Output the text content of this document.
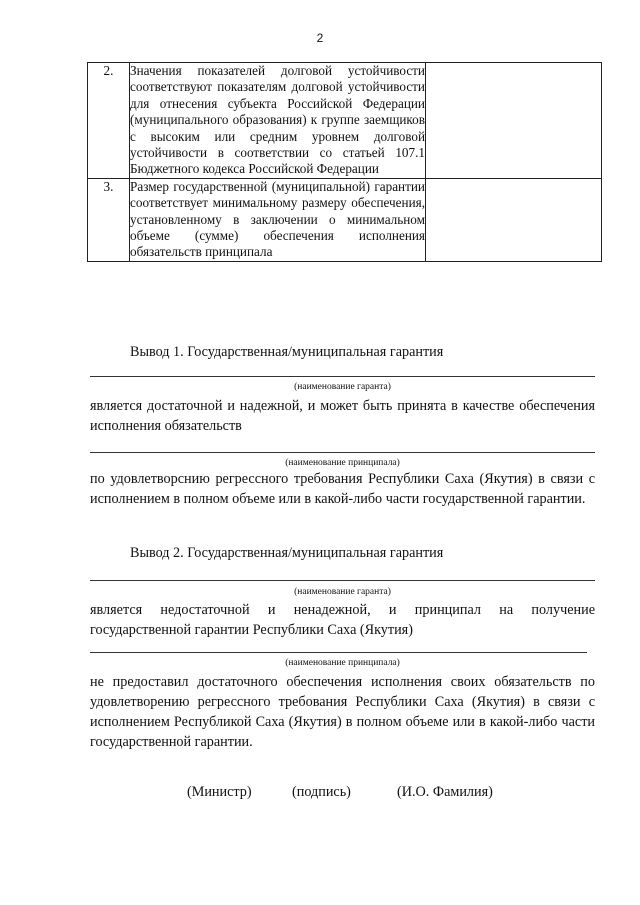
2
2.	Значения показателей долговой устойчивости соответствуют показателям долговой устойчивости для отнесения субъекта Российской Федерации (муниципального образования) к группе заемщиков с высоким или средним уровнем долговой устойчивости в соответствии со статьей 107.1 Бюджетного кодекса Российской Федерации	
3.	Размер государственной (муниципальной) гарантии соответствует минимальному размеру обеспечения, установленному в заключении о минимальном объеме (сумме) обеспечения исполнения обязательств принципала	
Вывод 1. Государственная/муниципальная гарантия
(наименование гаранта)
является достаточной и надежной, и может быть принята в качестве обеспечения исполнения обязательств
(наименование принципала)
по удовлетворснию регрессного требования Республики Саха (Якутия) в связи с исполнением в полном объеме или в какой-либо части государственной гарантии.
Вывод 2. Государственная/муниципальная гарантия
(наименование гаранта)
является недостаточной и ненадежной, и принципал на получение государственной гарантии Республики Саха (Якутия)
(наименование принципала)
не предоставил достаточного обеспечения исполнения своих обязательств по удовлетворению регрессного требования Республики Саха (Якутия) в связи с исполнением Республикой Саха (Якутия) в полном объеме или в какой-либо части государственной гарантии.
(Министр)	(подпись)	(И.О. Фамилия)
